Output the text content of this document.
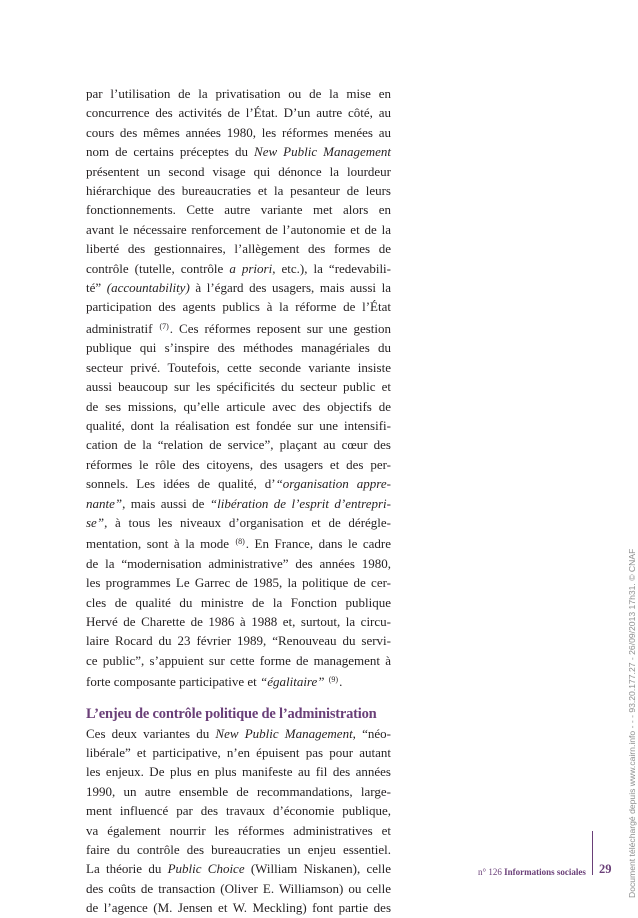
par l’utilisation de la privatisation ou de la mise en
concurrence des activités de l’État. D’un autre côté, au
cours des mêmes années 1980, les réformes menées au
nom de certains préceptes du New Public Management
présentent un second visage qui dénonce la lourdeur
hiérarchique des bureaucraties et la pesanteur de leurs
fonctionnements. Cette autre variante met alors en
avant le nécessaire renforcement de l’autonomie et de la
liberté des gestionnaires, l’allègement des formes de
contrôle (tutelle, contrôle a priori, etc.), la “redevabili-
té” (accountability) à l’égard des usagers, mais aussi la
participation des agents publics à la réforme de l’État
administratif $^{(7)}$. Ces réformes reposent sur une gestion
publique qui s’inspire des méthodes managériales du
secteur privé. Toutefois, cette seconde variante insiste
aussi beaucoup sur les spécificités du secteur public et
de ses missions, qu’elle articule avec des objectifs de
qualité, dont la réalisation est fondée sur une intensifi-
cation de la “relation de service”, plaçant au cœur des
réformes le rôle des citoyens, des usagers et des per-
sonnels. Les idées de qualité, d’“organisation appre-
nante”, mais aussi de “libération de l’esprit d’entrepri-
se”, à tous les niveaux d’organisation et de dérégle-
mentation, sont à la mode $^{(8)}$. En France, dans le cadre
de la “modernisation administrative” des années 1980,
les programmes Le Garrec de 1985, la politique de cer-
cles de qualité du ministre de la Fonction publique
Hervé de Charette de 1986 à 1988 et, surtout, la circu-
laire Rocard du 23 février 1989, “Renouveau du servi-
ce public”, s’appuient sur cette forme de management à
forte composante participative et “égalitaire” $^{(9)}$.
L’enjeu de contrôle politique de l’administration
Ces deux variantes du New Public Management, “néo-
libérale” et participative, n’en épuisent pas pour autant
les enjeux. De plus en plus manifeste au fil des années
1990, un autre ensemble de recommandations, large-
ment influencé par des travaux d’économie publique,
va également nourrir les réformes administratives et
faire du contrôle des bureaucraties un enjeu essentiel.
La théorie du Public Choice (William Niskanen), celle
des coûts de transaction (Oliver E. Williamson) ou celle
de l’agence (M. Jensen et W. Meckling) font partie des
n° 126 Informations sociales 29 Document téléchargé depuis www.cairn.info - - - 93.20.177.27 - 26/09/2013 17h31. © CNAF
